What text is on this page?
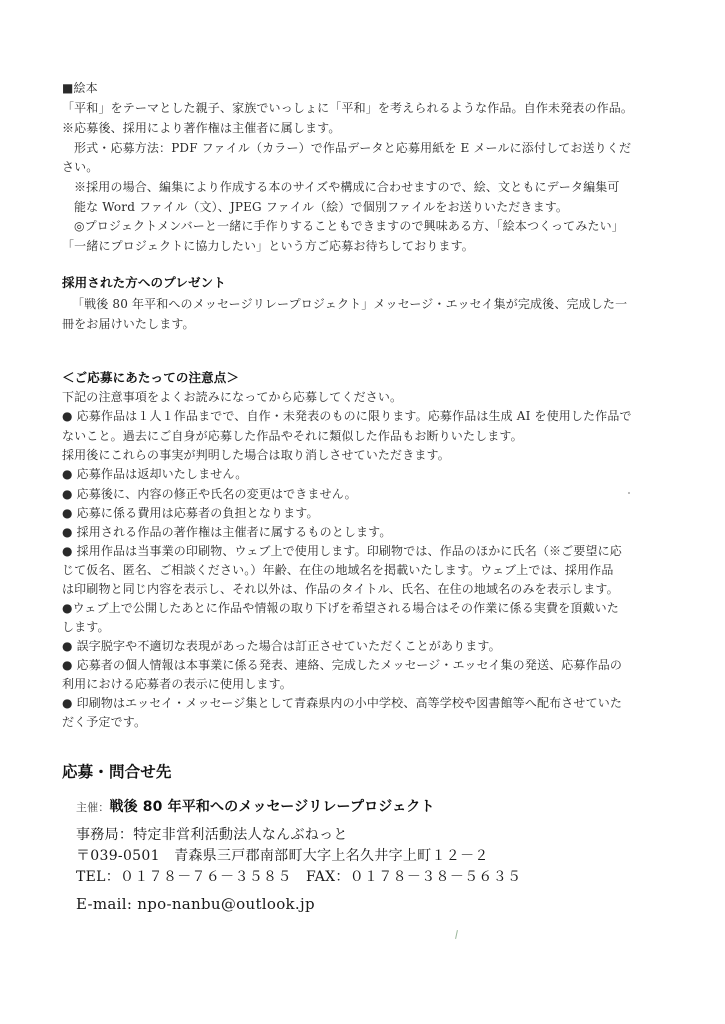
■絵本
「平和」をテーマとした親子、家族でいっしょに「平和」を考えられるような作品。自作未発表の作品。
※応募後、採用により著作権は主催者に属します。
形式・応募方法：PDF ファイル（カラー）で作品データと応募用紙を E メールに添付してお送りくだ
さい。
※採用の場合、編集により作成する本のサイズや構成に合わせますので、絵、文ともにデータ編集可
能な Word ファイル（文）、JPEG ファイル（絵）で個別ファイルをお送りいただきます。
◎プロジェクトメンバーと一緒に手作りすることもできますので興味ある方、「絵本つくってみたい」
「一緒にプロジェクトに協力したい」という方ご応募お待ちしております。
採用された方へのプレゼント
「戦後 80 年平和へのメッセージリレープロジェクト」メッセージ・エッセイ集が完成後、完成した一
冊をお届けいたします。
＜ご応募にあたっての注意点＞
下記の注意事項をよくお読みになってから応募してください。
● 応募作品は１人１作品までで、自作・未発表のものに限ります。応募作品は生成 AI を使用した作品で
ないこと。過去にご自身が応募した作品やそれに類似した作品もお断りいたします。
採用後にこれらの事実が判明した場合は取り消しさせていただきます。
● 応募作品は返却いたしません。
● 応募後に、内容の修正や氏名の変更はできません。
● 応募に係る費用は応募者の負担となります。
● 採用される作品の著作権は主催者に属するものとします。
● 採用作品は当事業の印刷物、ウェブ上で使用します。印刷物では、作品のほかに氏名（※ご要望に応
じて仮名、匿名、ご相談ください。）年齢、在住の地域名を掲載いたします。ウェブ上では、採用作品
は印刷物と同じ内容を表示し、それ以外は、作品のタイトル、氏名、在住の地域名のみを表示します。
●ウェブ上で公開したあとに作品や情報の取り下げを希望される場合はその作業に係る実費を頂戴いた
します。
● 誤字脱字や不適切な表現があった場合は訂正させていただくことがあります。
● 応募者の個人情報は本事業に係る発表、連絡、完成したメッセージ・エッセイ集の発送、応募作品の
利用における応募者の表示に使用します。
● 印刷物はエッセイ・メッセージ集として青森県内の小中学校、高等学校や図書館等へ配布させていた
だく予定です。
応募・問合せ先
主催：戦後 80 年平和へのメッセージリレープロジェクト
事務局：特定非営利活動法人なんぶねっと
〒039-0501　青森県三戸郡南部町大字上名久井字上町１２－２
TEL：０１７８－７６－３５８５　FAX：０１７８－３８－５６３５
E-mail: npo-nanbu@outlook.jp
